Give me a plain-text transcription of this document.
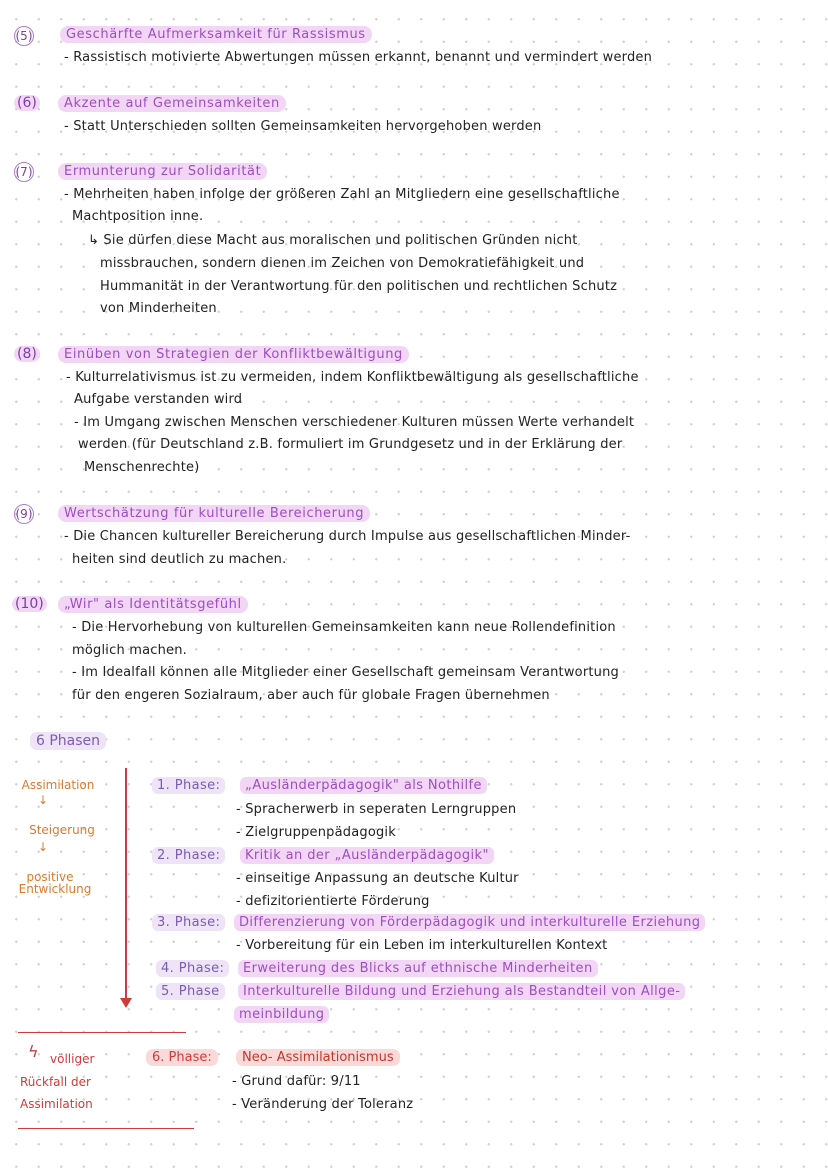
(5)	Geschärfte Aufmerksamkeit für Rassismus
- Rassistisch motivierte Abwertungen müssen erkannt, benannt und vermindert werden
(6)	Akzente auf Gemeinsamkeiten
- Statt Unterschieden sollten Gemeinsamkeiten hervorgehoben werden
(7)	Ermunterung zur Solidarität
- Mehrheiten haben infolge der größeren Zahl an Mitgliedern eine gesellschaftliche
Machtposition inne.
↳ Sie dürfen diese Macht aus moralischen und politischen Gründen nicht
missbrauchen, sondern dienen im Zeichen von Demokratiefähigkeit und
Hummanität in der Verantwortung für den politischen und rechtlichen Schutz
von Minderheiten
(8)	Einüben von Strategien der Konfliktbewältigung
- Kulturrelativismus ist zu vermeiden, indem Konfliktbewältigung als gesellschaftliche
Aufgabe verstanden wird
- Im Umgang zwischen Menschen verschiedener Kulturen müssen Werte verhandelt
werden (für Deutschland z.B. formuliert im Grundgesetz und in der Erklärung der
Menschenrechte)
(9)	Wertschätzung für kulturelle Bereicherung
- Die Chancen kultureller Bereicherung durch Impulse aus gesellschaftlichen Minder-
heiten sind deutlich zu machen.
(10)	„Wir" als Identitätsgefühl
- Die Hervorhebung von kulturellen Gemeinsamkeiten kann neue Rollendefinition
möglich machen.
- Im Idealfall können alle Mitglieder einer Gesellschaft gemeinsam Verantwortung
für den engeren Sozialraum, aber auch für globale Fragen übernehmen
6 Phasen
Assimilation
↓
Steigerung
↓
positive
Entwicklung
1. Phase:	„Ausländerpädagogik" als Nothilfe
- Spracherwerb in seperaten Lerngruppen
- Zielgruppenpädagogik
2. Phase:	Kritik an der „Ausländerpädagogik"
- einseitige Anpassung an deutsche Kultur
- defizitorientierte Förderung
3. Phase:	Differenzierung von Förderpädagogik und interkulturelle Erziehung
- Vorbereitung für ein Leben im interkulturellen Kontext
4. Phase:	Erweiterung des Blicks auf ethnische Minderheiten
5. Phase	Interkulturelle Bildung und Erziehung als Bestandteil von Allge-
meinbildung
ϟ völliger
Rückfall der
Assimilation
6. Phase:	Neo- Assimilationismus
- Grund dafür: 9/11
- Veränderung der Toleranz
